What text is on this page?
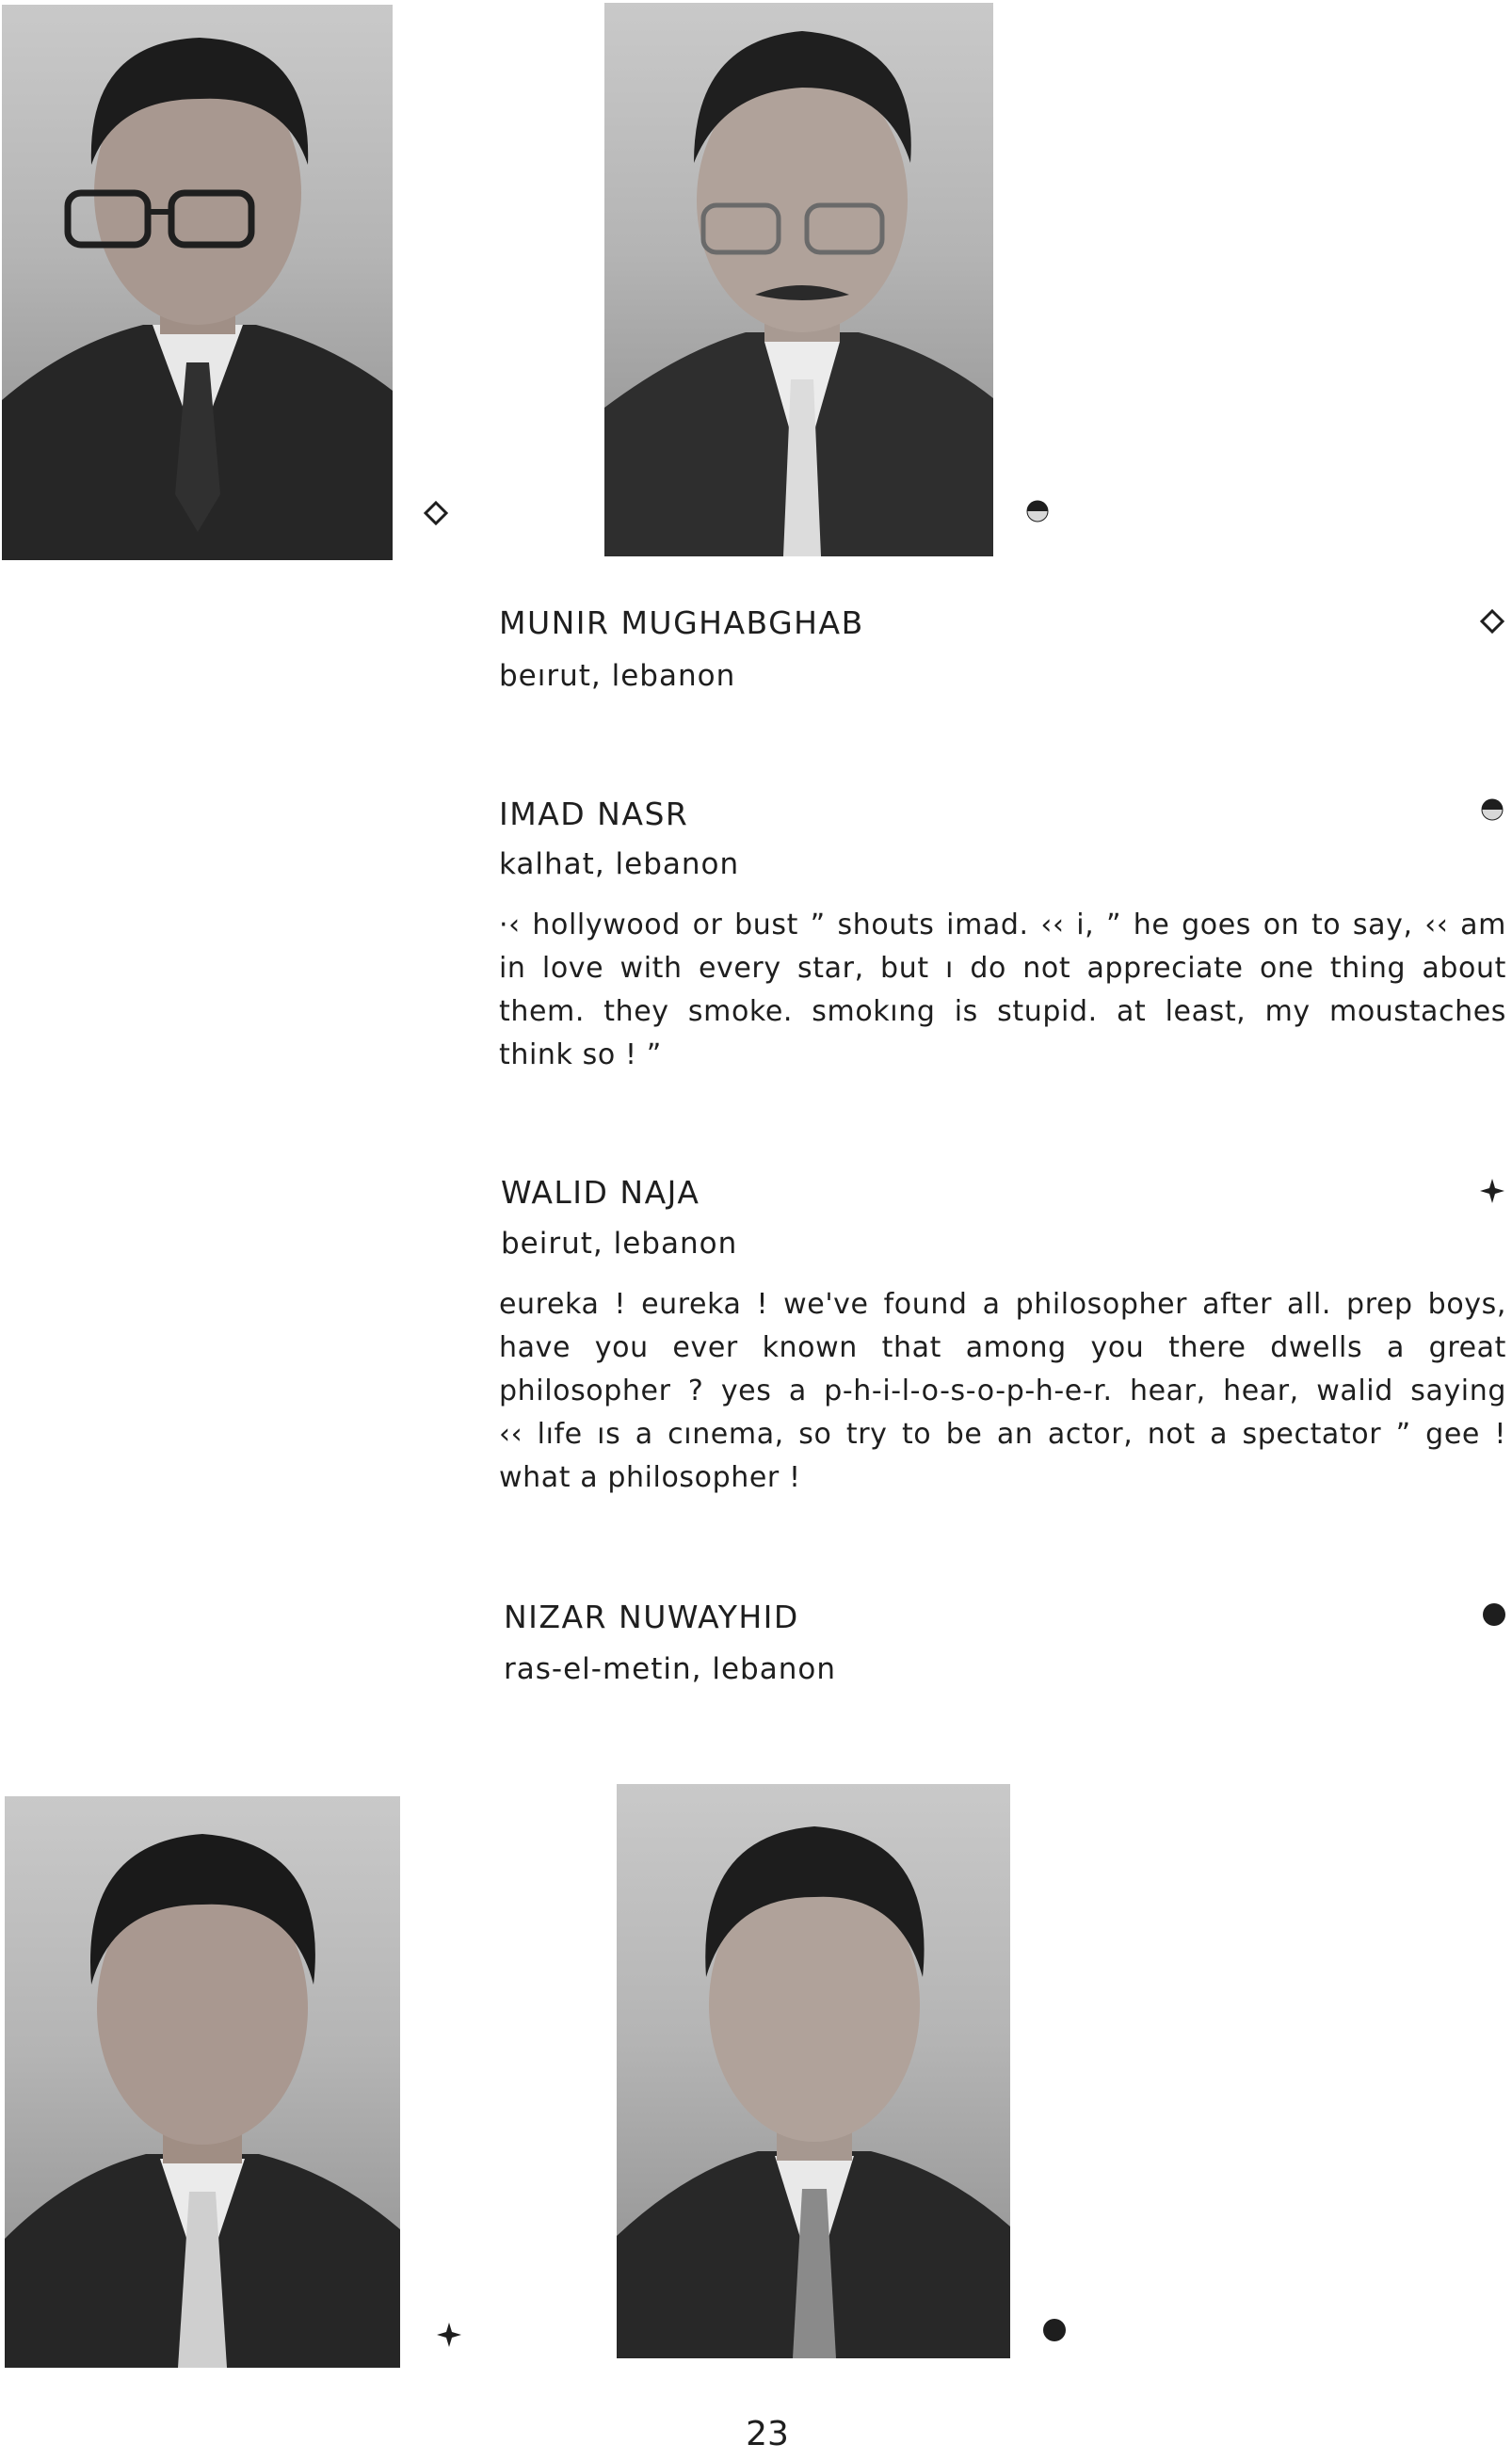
MUNIR MUGHABGHAB
beırut, lebanon
IMAD NASR
kalhat, lebanon
·‹ hollywood or bust ” shouts imad. ‹‹ i, ” he goes on to say, ‹‹ am
in love with every star, but ı do not appreciate one thing about
them. they smoke. smokıng is stupid. at least, my moustaches
think so ! ”
WALID NAJA
beirut, lebanon
eureka ! eureka ! we've found a philosopher after all. prep boys,
have you ever known that among you there dwells a great
philosopher ? yes a p-h-i-l-o-s-o-p-h-e-r. hear, hear, walid saying
‹‹ lıfe ıs a cınema, so try to be an actor, not a spectator ” gee !
what a philosopher !
NIZAR NUWAYHID
ras-el-metin, lebanon
23
